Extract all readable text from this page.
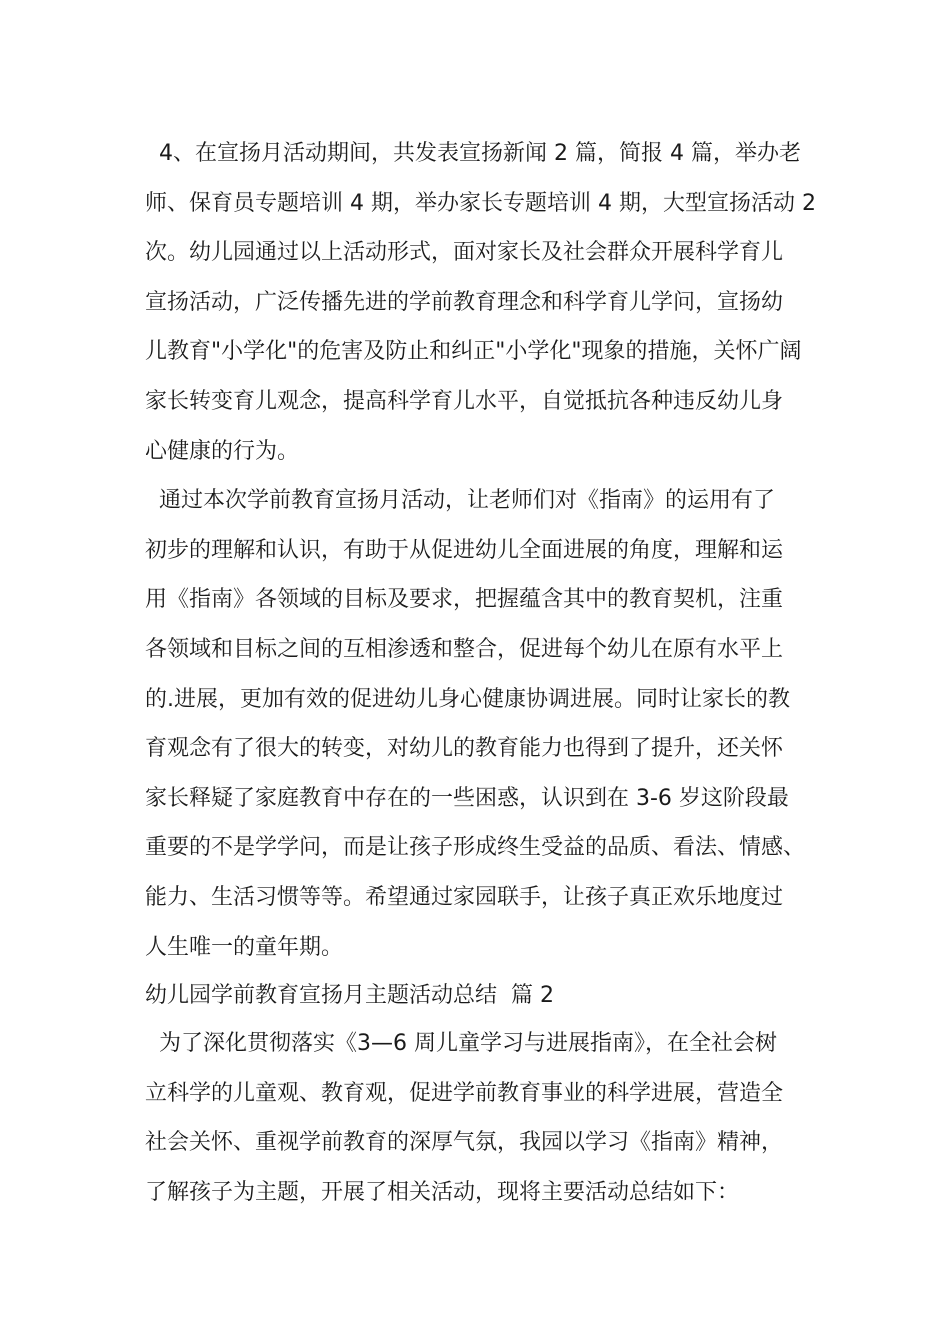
4、在宣扬月活动期间，共发表宣扬新闻 2 篇，简报 4 篇，举办老
师、保育员专题培训 4 期，举办家长专题培训 4 期，大型宣扬活动 2
次。幼儿园通过以上活动形式，面对家长及社会群众开展科学育儿
宣扬活动，广泛传播先进的学前教育理念和科学育儿学问，宣扬幼
儿教育"小学化"的危害及防止和纠正"小学化"现象的措施，关怀广阔
家长转变育儿观念，提高科学育儿水平，自觉抵抗各种违反幼儿身
心健康的行为。
通过本次学前教育宣扬月活动，让老师们对《指南》的运用有了
初步的理解和认识，有助于从促进幼儿全面进展的角度，理解和运
用《指南》各领域的目标及要求，把握蕴含其中的教育契机，注重
各领域和目标之间的互相渗透和整合，促进每个幼儿在原有水平上
的.进展，更加有效的促进幼儿身心健康协调进展。同时让家长的教
育观念有了很大的转变，对幼儿的教育能力也得到了提升，还关怀
家长释疑了家庭教育中存在的一些困惑，认识到在 3-6 岁这阶段最
重要的不是学学问，而是让孩子形成终生受益的品质、看法、情感、
能力、生活习惯等等。希望通过家园联手，让孩子真正欢乐地度过
人生唯一的童年期。
幼儿园学前教育宣扬月主题活动总结  篇 2
为了深化贯彻落实《3—6 周儿童学习与进展指南》，在全社会树
立科学的儿童观、教育观，促进学前教育事业的科学进展，营造全
社会关怀、重视学前教育的深厚气氛，我园以学习《指南》精神，
了解孩子为主题，开展了相关活动，现将主要活动总结如下：
